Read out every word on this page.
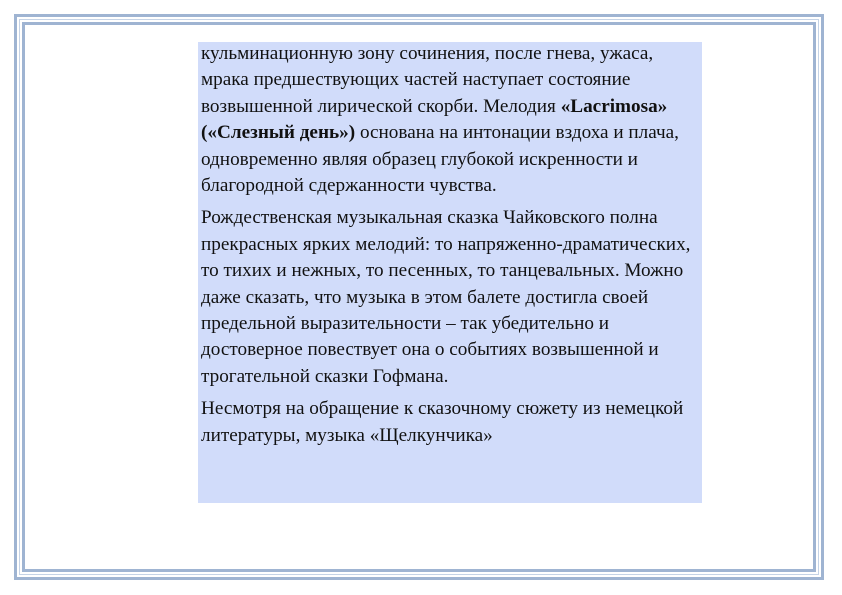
кульминационную зону сочинения, после гнева, ужаса, мрака предшествующих частей наступает состояние возвышенной лирической скорби. Мелодия «Lacrimosa» («Слезный день») основана на интонации вздоха и плача, одновременно являя образец глубокой искренности и благородной сдержанности чувства.

Рождественская музыкальная сказка Чайковского полна прекрасных ярких мелодий: то напряженно-драматических, то тихих и нежных, то песенных, то танцевальных. Можно даже сказать, что музыка в этом балете достигла своей предельной выразительности – так убедительно и достоверное повествует она о событиях возвышенной и трогательной сказки Гофмана.

Несмотря на обращение к сказочному сюжету из немецкой литературы, музыка «Щелкунчика»
